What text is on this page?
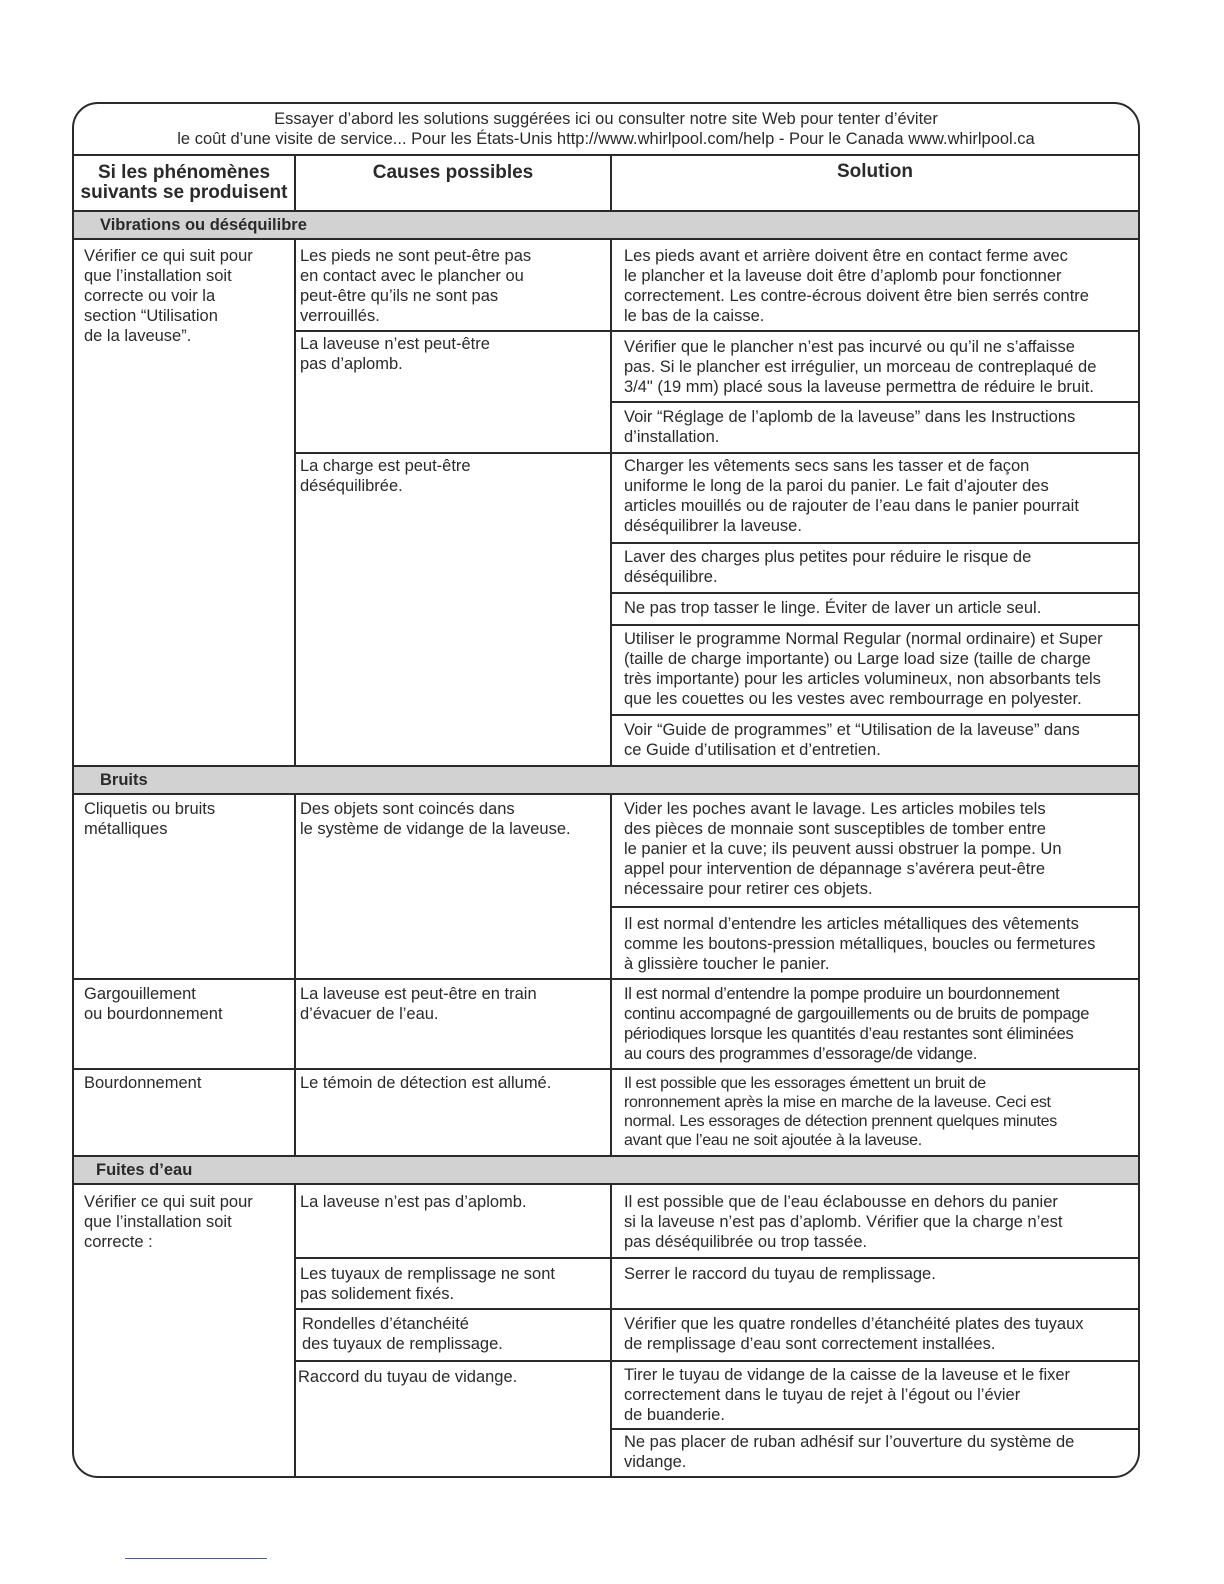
Essayer d’abord les solutions suggérées ici ou consulter notre site Web pour tenter d’éviter
le coût d’une visite de service... Pour les États-Unis http://www.whirlpool.com/help - Pour le Canada www.whirlpool.ca
Si les phénomènes
suivants se produisent
Causes possibles	Solution
Vibrations ou déséquilibre
Bruits
Fuites d’eau
Vérifier ce qui suit pour
que l’installation soit
correcte ou voir la
section “Utilisation
de la laveuse”.
Les pieds ne sont peut-être pas
en contact avec le plancher ou
peut-être qu’ils ne sont pas
verrouillés.
La laveuse n’est peut-être
pas d’aplomb.
La charge est peut-être
déséquilibrée.
Les pieds avant et arrière doivent être en contact ferme avec
le plancher et la laveuse doit être d’aplomb pour fonctionner
correctement. Les contre-écrous doivent être bien serrés contre
le bas de la caisse.
Vérifier que le plancher n’est pas incurvé ou qu’il ne s’affaisse
pas. Si le plancher est irrégulier, un morceau de contreplaqué de
3/4" (19 mm) placé sous la laveuse permettra de réduire le bruit.
Voir “Réglage de l’aplomb de la laveuse” dans les Instructions
d’installation.
Charger les vêtements secs sans les tasser et de façon
uniforme le long de la paroi du panier. Le fait d’ajouter des
articles mouillés ou de rajouter de l’eau dans le panier pourrait
déséquilibrer la laveuse.
Laver des charges plus petites pour réduire le risque de
déséquilibre.
Ne pas trop tasser le linge. Éviter de laver un article seul.
Utiliser le programme Normal Regular (normal ordinaire) et Super
(taille de charge importante) ou Large load size (taille de charge
très importante) pour les articles volumineux, non absorbants tels
que les couettes ou les vestes avec rembourrage en polyester.
Voir “Guide de programmes” et “Utilisation de la laveuse” dans
ce Guide d’utilisation et d’entretien.
Cliquetis ou bruits
métalliques
Gargouillement
ou bourdonnement
Bourdonnement
Des objets sont coincés dans
le système de vidange de la laveuse.
La laveuse est peut-être en train
d’évacuer de l’eau.
Le témoin de détection est allumé.
Vider les poches avant le lavage. Les articles mobiles tels
des pièces de monnaie sont susceptibles de tomber entre
le panier et la cuve; ils peuvent aussi obstruer la pompe. Un
appel pour intervention de dépannage s’avérera peut-être
nécessaire pour retirer ces objets.
Il est normal d’entendre les articles métalliques des vêtements
comme les boutons-pression métalliques, boucles ou fermetures
à glissière toucher le panier.
Il est normal d’entendre la pompe produire un bourdonnement
continu accompagné de gargouillements ou de bruits de pompage
périodiques lorsque les quantités d’eau restantes sont éliminées
au cours des programmes d’essorage/de vidange.
Il est possible que les essorages émettent un bruit de
ronronnement après la mise en marche de la laveuse. Ceci est
normal. Les essorages de détection prennent quelques minutes
avant que l’eau ne soit ajoutée à la laveuse.
Vérifier ce qui suit pour
que l’installation soit
correcte :
La laveuse n’est pas d’aplomb.
Les tuyaux de remplissage ne sont
pas solidement fixés.
Rondelles d’étanchéité
des tuyaux de remplissage.
Raccord du tuyau de vidange.
Il est possible que de l’eau éclabousse en dehors du panier
si la laveuse n’est pas d’aplomb. Vérifier que la charge n’est
pas déséquilibrée ou trop tassée.
Serrer le raccord du tuyau de remplissage.
Vérifier que les quatre rondelles d’étanchéité plates des tuyaux
de remplissage d’eau sont correctement installées.
Tirer le tuyau de vidange de la caisse de la laveuse et le fixer
correctement dans le tuyau de rejet à l’égout ou l’évier
de buanderie.
Ne pas placer de ruban adhésif sur l’ouverture du système de
vidange.
